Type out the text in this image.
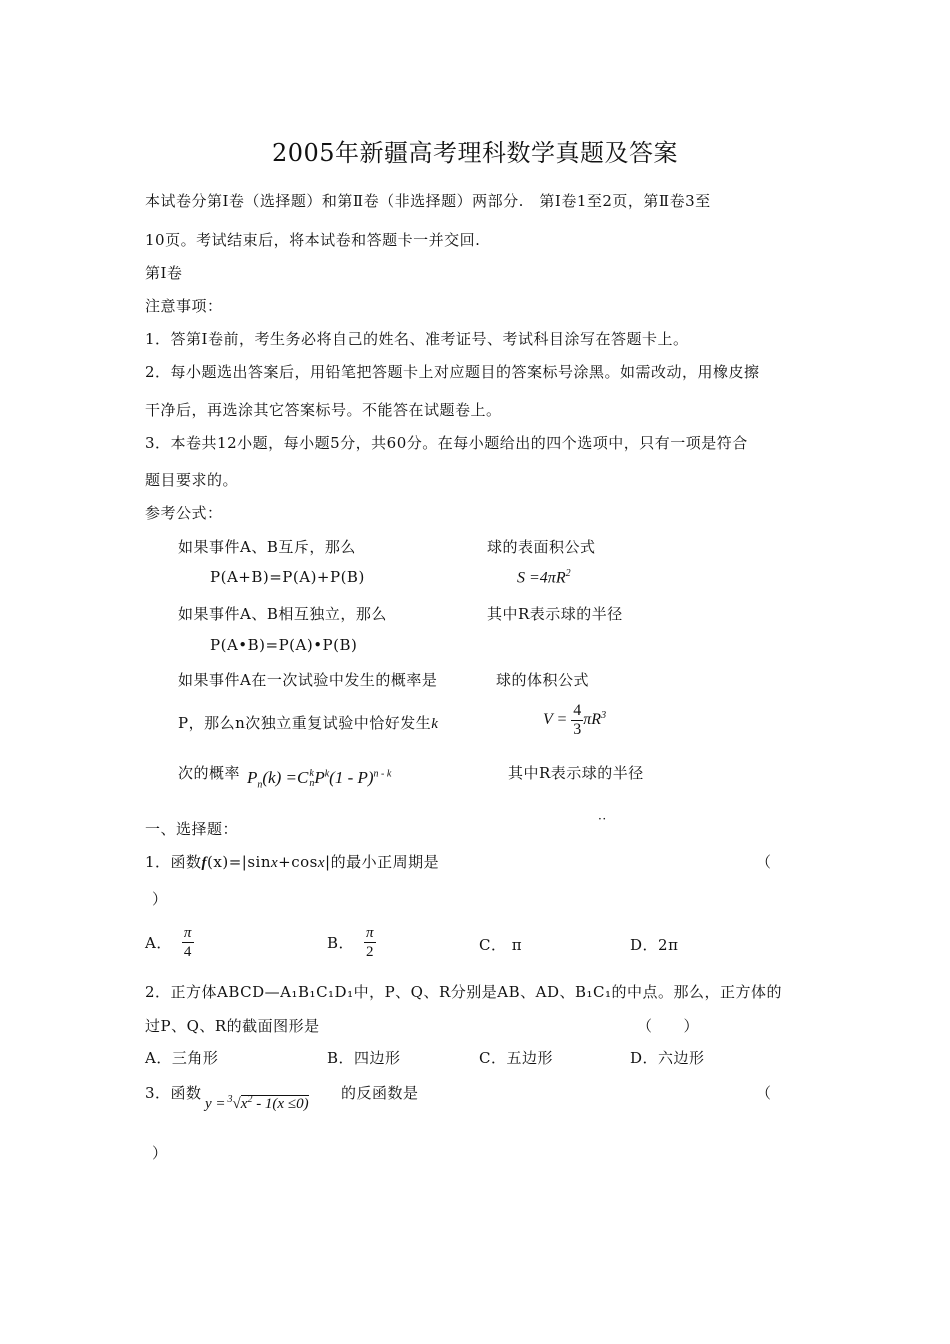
2005年新疆高考理科数学真题及答案
本试卷分第Ⅰ卷（选择题）和第Ⅱ卷（非选择题）两部分.　第Ⅰ卷1至2页，第Ⅱ卷3至
10页。考试结束后，将本试卷和答题卡一并交回.
第Ⅰ卷
注意事项：
1．答第Ⅰ卷前，考生务必将自己的姓名、准考证号、考试科目涂写在答题卡上。
2．每小题选出答案后，用铅笔把答题卡上对应题目的答案标号涂黑。如需改动，用橡皮擦
干净后，再选涂其它答案标号。不能答在试题卷上。
3．本卷共12小题，每小题5分，共60分。在每小题给出的四个选项中，只有一项是符合
题目要求的。
参考公式：
如果事件A、B互斥，那么
P(A+B)=P(A)+P(B)
如果事件A、B相互独立，那么
P(A•B)=P(A)•P(B)
如果事件A在一次试验中发生的概率是
P，那么n次独立重复试验中恰好发生k
次的概率 $P_n(k) =C$ k
n $P^k(1 - P)^{n - k}$
球的表面积公式
$S =4\pi R^2$
其中R表示球的半径
球的体积公式
$V = \frac{4}{3} \pi R^3$
其中R表示球的半径
一、选择题：
··
1．函数f(x)=|sinx+cosx|的最小正周期是	（
）
A． $\frac{\pi}{4}$	B． $\frac{\pi}{2}$	C． π	D．2π
2．正方体ABCD—A₁B₁C₁D₁中，P、Q、R分别是AB、AD、B₁C₁的中点。那么，正方体的
过P、Q、R的截面图形是	（　　）
A．三角形	B．四边形	C．五边形	D．六边形
3．函数
$y = ^3√x^2 - 1(x \le 0)$
的反函数是	（
）
